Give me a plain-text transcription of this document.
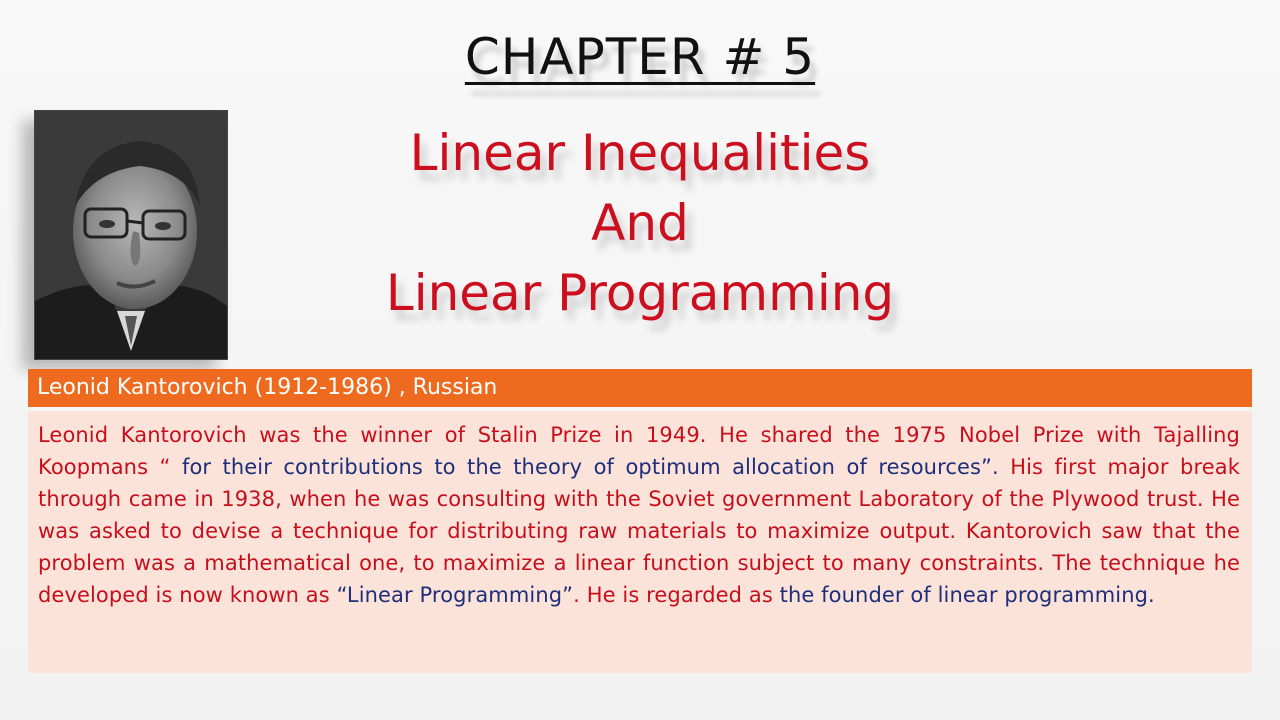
CHAPTER # 5
Linear Inequalities
And
Linear Programming
Leonid Kantorovich (1912-1986) , Russian
Leonid Kantorovich was the winner of Stalin Prize in 1949. He shared the 1975 Nobel Prize with Tajalling Koopmans “ for their contributions to the theory of optimum allocation of resources”. His first major break through came in 1938, when he was consulting with the Soviet government Laboratory of the Plywood trust. He was asked to devise a technique for distributing raw materials to maximize output. Kantorovich saw that the problem was a mathematical one, to maximize a linear function subject to many constraints. The technique he developed is now known as “Linear Programming”. He is regarded as the founder of linear programming.
